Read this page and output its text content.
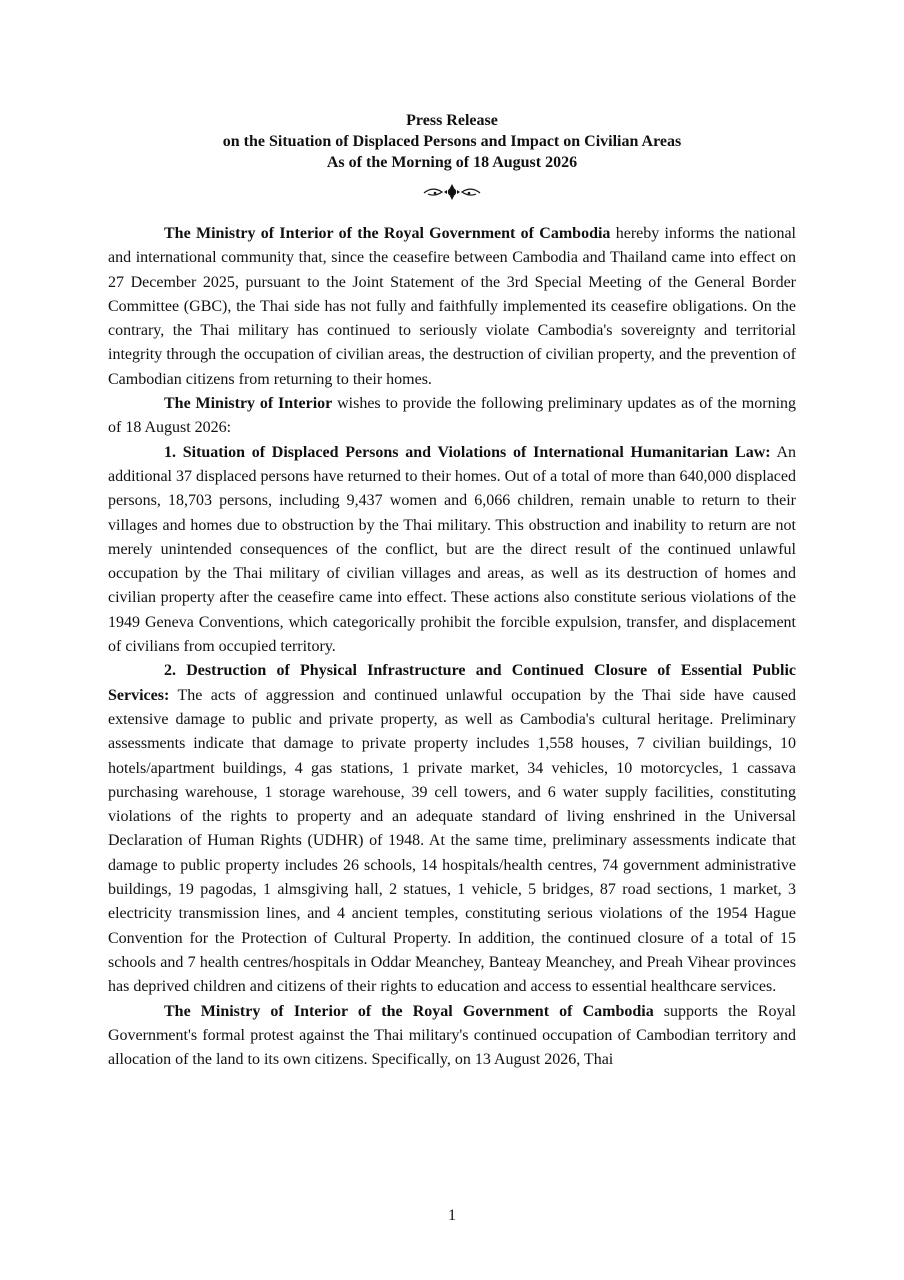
Press Release
on the Situation of Displaced Persons and Impact on Civilian Areas
As of the Morning of 18 August 2026

The Ministry of Interior of the Royal Government of Cambodia hereby informs the national and international community that, since the ceasefire between Cambodia and Thailand came into effect on 27 December 2025, pursuant to the Joint Statement of the 3rd Special Meeting of the General Border Committee (GBC), the Thai side has not fully and faithfully implemented its ceasefire obligations. On the contrary, the Thai military has continued to seriously violate Cambodia's sovereignty and territorial integrity through the occupation of civilian areas, the destruction of civilian property, and the prevention of Cambodian citizens from returning to their homes.

The Ministry of Interior wishes to provide the following preliminary updates as of the morning of 18 August 2026:

1. Situation of Displaced Persons and Violations of International Humanitarian Law: An additional 37 displaced persons have returned to their homes. Out of a total of more than 640,000 displaced persons, 18,703 persons, including 9,437 women and 6,066 children, remain unable to return to their villages and homes due to obstruction by the Thai military. This obstruction and inability to return are not merely unintended consequences of the conflict, but are the direct result of the continued unlawful occupation by the Thai military of civilian villages and areas, as well as its destruction of homes and civilian property after the ceasefire came into effect. These actions also constitute serious violations of the 1949 Geneva Conventions, which categorically prohibit the forcible expulsion, transfer, and displacement of civilians from occupied territory.

2. Destruction of Physical Infrastructure and Continued Closure of Essential Public Services: The acts of aggression and continued unlawful occupation by the Thai side have caused extensive damage to public and private property, as well as Cambodia's cultural heritage. Preliminary assessments indicate that damage to private property includes 1,558 houses, 7 civilian buildings, 10 hotels/apartment buildings, 4 gas stations, 1 private market, 34 vehicles, 10 motorcycles, 1 cassava purchasing warehouse, 1 storage warehouse, 39 cell towers, and 6 water supply facilities, constituting violations of the rights to property and an adequate standard of living enshrined in the Universal Declaration of Human Rights (UDHR) of 1948. At the same time, preliminary assessments indicate that damage to public property includes 26 schools, 14 hospitals/health centres, 74 government administrative buildings, 19 pagodas, 1 almsgiving hall, 2 statues, 1 vehicle, 5 bridges, 87 road sections, 1 market, 3 electricity transmission lines, and 4 ancient temples, constituting serious violations of the 1954 Hague Convention for the Protection of Cultural Property. In addition, the continued closure of a total of 15 schools and 7 health centres/hospitals in Oddar Meanchey, Banteay Meanchey, and Preah Vihear provinces has deprived children and citizens of their rights to education and access to essential healthcare services.

The Ministry of Interior of the Royal Government of Cambodia supports the Royal Government's formal protest against the Thai military's continued occupation of Cambodian territory and allocation of the land to its own citizens. Specifically, on 13 August 2026, Thai

1
